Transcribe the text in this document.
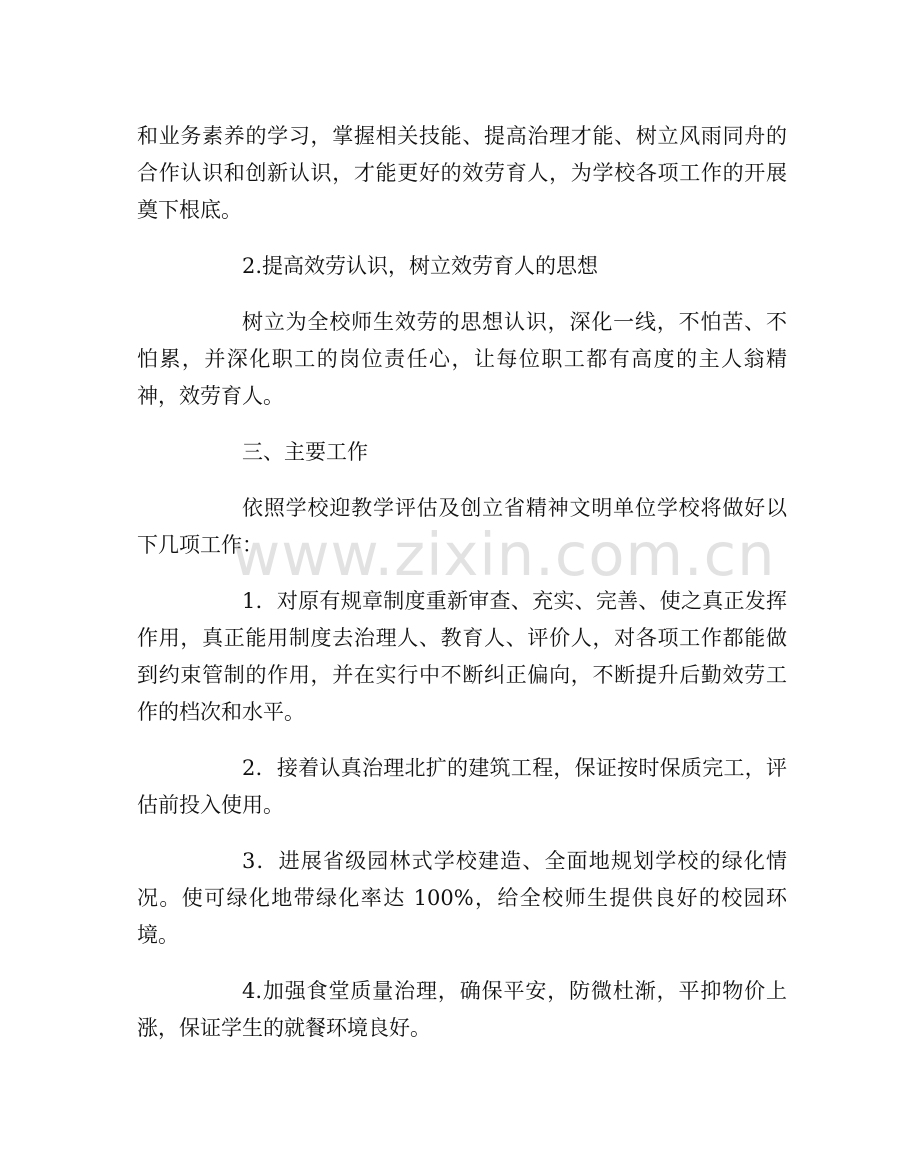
和业务素养的学习，掌握相关技能、提高治理才能、树立风雨同舟的合作认识和创新认识，才能更好的效劳育人，为学校各项工作的开展奠下根底。

2.提高效劳认识，树立效劳育人的思想

树立为全校师生效劳的思想认识，深化一线，不怕苦、不怕累，并深化职工的岗位责任心，让每位职工都有高度的主人翁精神，效劳育人。

三、主要工作

依照学校迎教学评估及创立省精神文明单位学校将做好以下几项工作：

1．对原有规章制度重新审查、充实、完善、使之真正发挥作用，真正能用制度去治理人、教育人、评价人，对各项工作都能做到约束管制的作用，并在实行中不断纠正偏向，不断提升后勤效劳工作的档次和水平。

2．接着认真治理北扩的建筑工程，保证按时保质完工，评估前投入使用。

3．进展省级园林式学校建造、全面地规划学校的绿化情况。使可绿化地带绿化率达 100%，给全校师生提供良好的校园环境。

4.加强食堂质量治理，确保平安，防微杜渐，平抑物价上涨，保证学生的就餐环境良好。

www.zixin.com.cn
